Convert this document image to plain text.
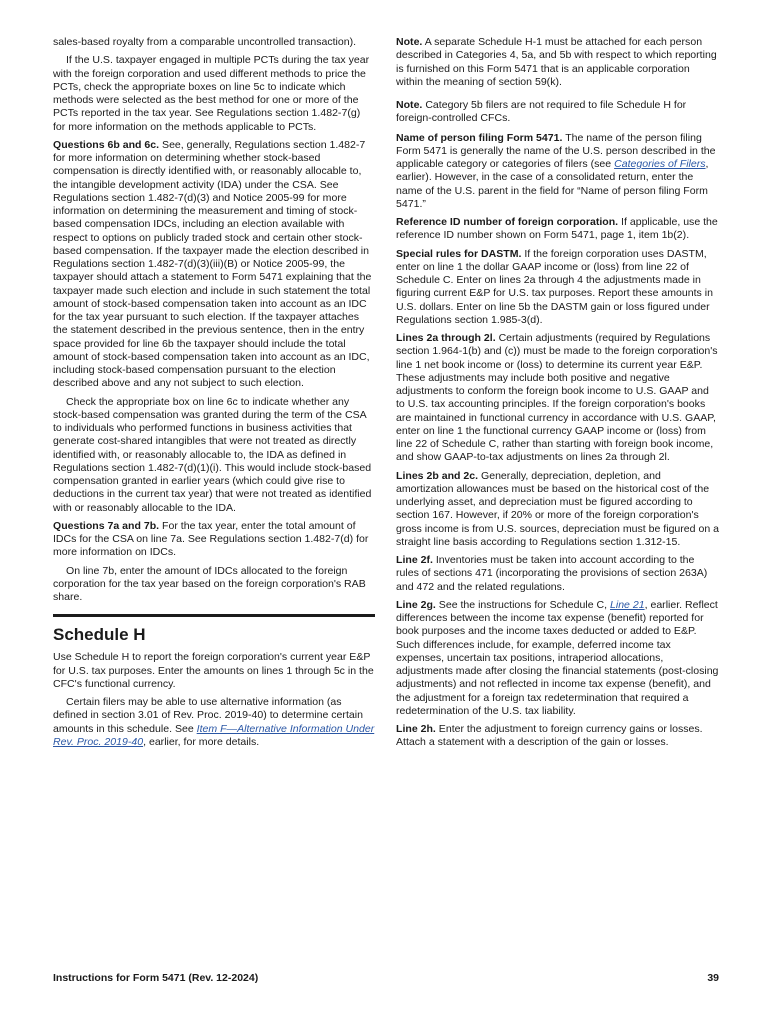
sales-based royalty from a comparable uncontrolled transaction).

If the U.S. taxpayer engaged in multiple PCTs during the tax year with the foreign corporation and used different methods to price the PCTs, check the appropriate boxes on line 5c to indicate which methods were selected as the best method for one or more of the PCTs reported in the tax year. See Regulations section 1.482-7(g) for more information on the methods applicable to PCTs.

Questions 6b and 6c. See, generally, Regulations section 1.482-7 for more information on determining whether stock-based compensation is directly identified with, or reasonably allocable to, the intangible development activity (IDA) under the CSA. See Regulations section 1.482-7(d)(3) and Notice 2005-99 for more information on determining the measurement and timing of stock-based compensation IDCs, including an election available with respect to options on publicly traded stock and certain other stock-based compensation. If the taxpayer made the election described in Regulations section 1.482-7(d)(3)(iii)(B) or Notice 2005-99, the taxpayer should attach a statement to Form 5471 explaining that the taxpayer made such election and include in such statement the total amount of stock-based compensation taken into account as an IDC for the tax year pursuant to such election. If the taxpayer attaches the statement described in the previous sentence, then in the entry space provided for line 6b the taxpayer should include the total amount of stock-based compensation taken into account as an IDC, including stock-based compensation pursuant to the election described above and any not subject to such election.

Check the appropriate box on line 6c to indicate whether any stock-based compensation was granted during the term of the CSA to individuals who performed functions in business activities that generate cost-shared intangibles that were not treated as directly identified with, or reasonably allocable to, the IDA as defined in Regulations section 1.482-7(d)(1)(i). This would include stock-based compensation granted in earlier years (which could give rise to deductions in the current tax year) that were not treated as identified with or reasonably allocable to the IDA.

Questions 7a and 7b. For the tax year, enter the total amount of IDCs for the CSA on line 7a. See Regulations section 1.482-7(d) for more information on IDCs.

On line 7b, enter the amount of IDCs allocated to the foreign corporation for the tax year based on the foreign corporation's RAB share.

Schedule H

Use Schedule H to report the foreign corporation's current year E&P for U.S. tax purposes. Enter the amounts on lines 1 through 5c in the CFC's functional currency.

Certain filers may be able to use alternative information (as defined in section 3.01 of Rev. Proc. 2019-40) to determine certain amounts in this schedule. See Item F—Alternative Information Under Rev. Proc. 2019-40, earlier, for more details.

Note. A separate Schedule H-1 must be attached for each person described in Categories 4, 5a, and 5b with respect to which reporting is furnished on this Form 5471 that is an applicable corporation within the meaning of section 59(k).

Note. Category 5b filers are not required to file Schedule H for foreign-controlled CFCs.

Name of person filing Form 5471. The name of the person filing Form 5471 is generally the name of the U.S. person described in the applicable category or categories of filers (see Categories of Filers, earlier). However, in the case of a consolidated return, enter the name of the U.S. parent in the field for “Name of person filing Form 5471.”

Reference ID number of foreign corporation. If applicable, use the reference ID number shown on Form 5471, page 1, item 1b(2).

Special rules for DASTM. If the foreign corporation uses DASTM, enter on line 1 the dollar GAAP income or (loss) from line 22 of Schedule C. Enter on lines 2a through 4 the adjustments made in figuring current E&P for U.S. tax purposes. Report these amounts in U.S. dollars. Enter on line 5b the DASTM gain or loss figured under Regulations section 1.985-3(d).

Lines 2a through 2l. Certain adjustments (required by Regulations section 1.964-1(b) and (c)) must be made to the foreign corporation's line 1 net book income or (loss) to determine its current year E&P. These adjustments may include both positive and negative adjustments to conform the foreign book income to U.S. GAAP and to U.S. tax accounting principles. If the foreign corporation's books are maintained in functional currency in accordance with U.S. GAAP, enter on line 1 the functional currency GAAP income or (loss) from line 22 of Schedule C, rather than starting with foreign book income, and show GAAP-to-tax adjustments on lines 2a through 2l.

Lines 2b and 2c. Generally, depreciation, depletion, and amortization allowances must be based on the historical cost of the underlying asset, and depreciation must be figured according to section 167. However, if 20% or more of the foreign corporation's gross income is from U.S. sources, depreciation must be figured on a straight line basis according to Regulations section 1.312-15.

Line 2f. Inventories must be taken into account according to the rules of sections 471 (incorporating the provisions of section 263A) and 472 and the related regulations.

Line 2g. See the instructions for Schedule C, Line 21, earlier. Reflect differences between the income tax expense (benefit) reported for book purposes and the income taxes deducted or added to E&P. Such differences include, for example, deferred income tax expenses, uncertain tax positions, intraperiod allocations, adjustments made after closing the financial statements (post-closing adjustments) and not reflected in income tax expense (benefit), and the adjustment for a foreign tax redetermination that required a redetermination of the U.S. tax liability.

Line 2h. Enter the adjustment to foreign currency gains or losses. Attach a statement with a description of the gain or losses.

Instructions for Form 5471 (Rev. 12-2024)	39
